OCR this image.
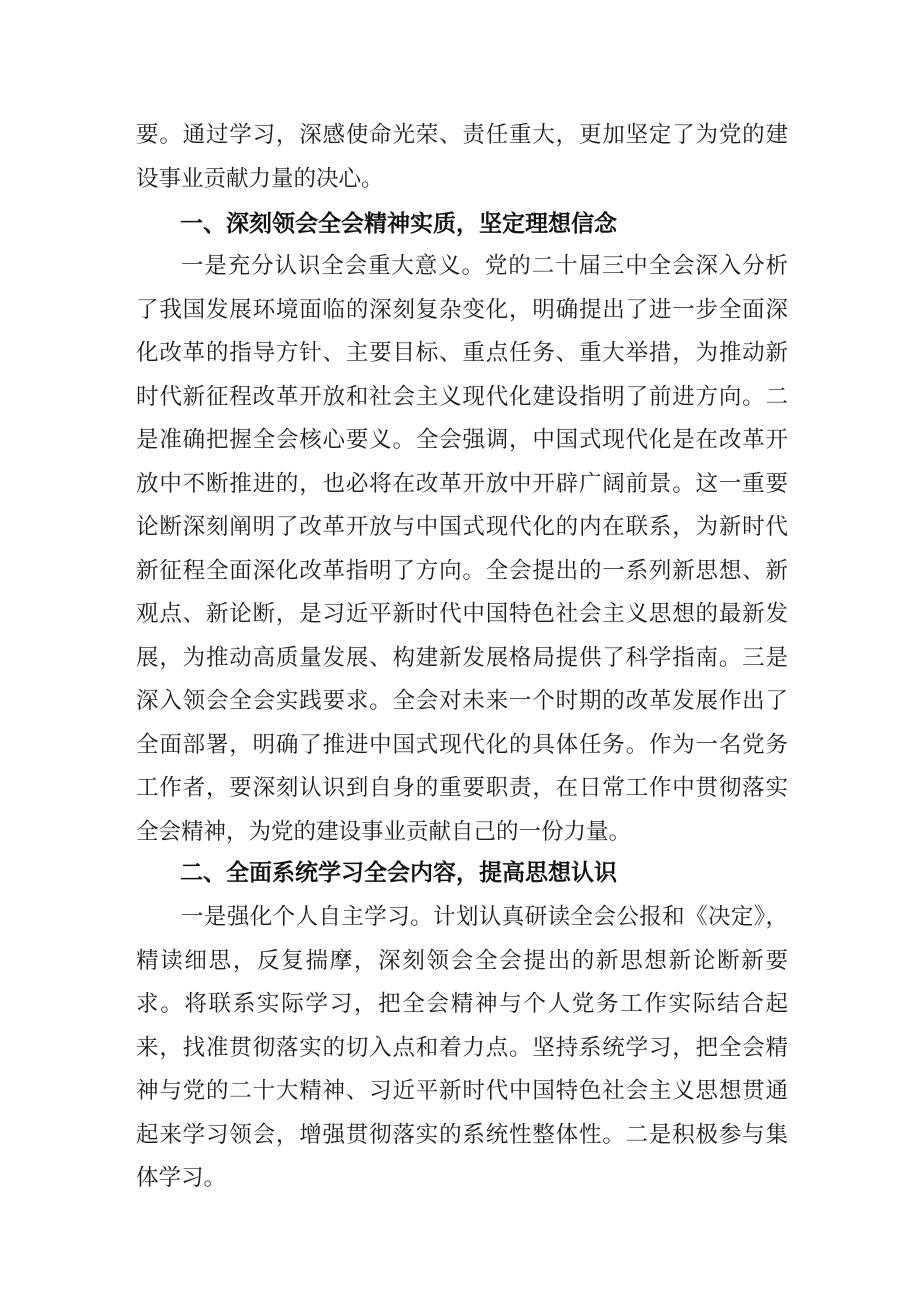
要。通过学习，深感使命光荣、责任重大，更加坚定了为党的建设事业贡献力量的决心。

一、深刻领会全会精神实质，坚定理想信念

一是充分认识全会重大意义。党的二十届三中全会深入分析了我国发展环境面临的深刻复杂变化，明确提出了进一步全面深化改革的指导方针、主要目标、重点任务、重大举措，为推动新时代新征程改革开放和社会主义现代化建设指明了前进方向。二是准确把握全会核心要义。全会强调，中国式现代化是在改革开放中不断推进的，也必将在改革开放中开辟广阔前景。这一重要论断深刻阐明了改革开放与中国式现代化的内在联系，为新时代新征程全面深化改革指明了方向。全会提出的一系列新思想、新观点、新论断，是习近平新时代中国特色社会主义思想的最新发展，为推动高质量发展、构建新发展格局提供了科学指南。三是深入领会全会实践要求。全会对未来一个时期的改革发展作出了全面部署，明确了推进中国式现代化的具体任务。作为一名党务工作者，要深刻认识到自身的重要职责，在日常工作中贯彻落实全会精神，为党的建设事业贡献自己的一份力量。

二、全面系统学习全会内容，提高思想认识

一是强化个人自主学习。计划认真研读全会公报和《决定》，精读细思，反复揣摩，深刻领会全会提出的新思想新论断新要求。将联系实际学习，把全会精神与个人党务工作实际结合起来，找准贯彻落实的切入点和着力点。坚持系统学习，把全会精神与党的二十大精神、习近平新时代中国特色社会主义思想贯通起来学习领会，增强贯彻落实的系统性整体性。二是积极参与集体学习。
